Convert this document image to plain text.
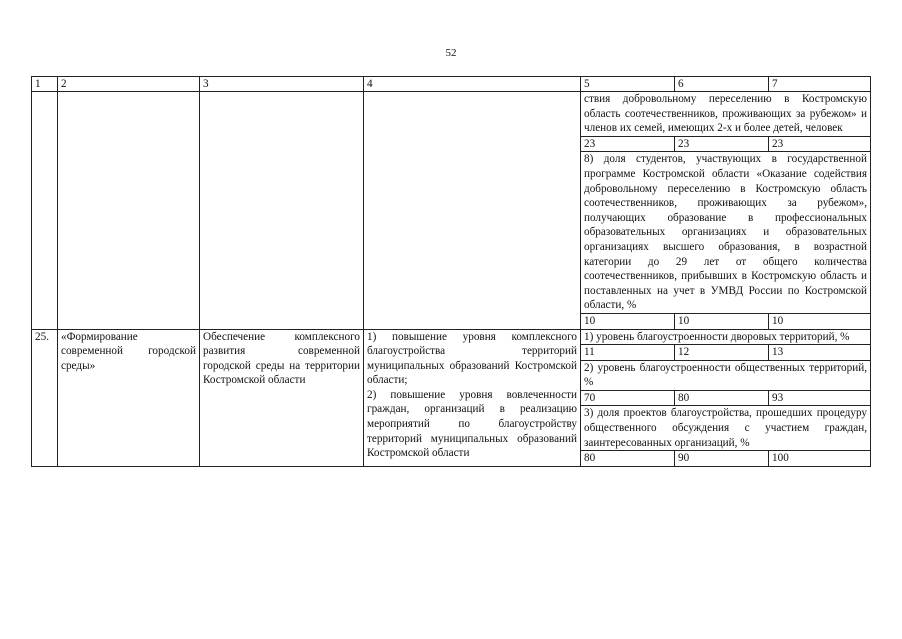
52
1	2	3	4	5	6	7
				ствия добровольному переселению в Костромскую область соотечественников, проживающих за рубежом» и членов их семей, имеющих 2-х и более детей, человек		
				23	23	23
				8) доля студентов, участвующих в государственной программе Костромской области «Оказание содействия добровольному переселению в Костромскую область соотечественников, проживающих за рубежом», получающих образование в профессиональных образовательных организациях и образовательных организациях высшего образования, в возрастной категории до 29 лет от общего количества соотечественников, прибывших в Костромскую область и поставленных на учет в УМВД России по Костромской области, %		
				10	10	10
25.	«Формирование современной городской среды»	Обеспечение комплексного развития современной городской среды на территории Костромской области	1) повышение уровня комплексного благоустройства территорий муниципальных образований Костромской области;
2) повышение уровня вовлеченности граждан, организаций в реализацию мероприятий по благоустройству территорий муниципальных образований Костромской области	1) уровень благоустроенности дворовых территорий, %		
				11	12	13
				2) уровень благоустроенности общественных территорий, %		
				70	80	93
				3) доля проектов благоустройства, прошедших процедуру общественного обсуждения с участием граждан, заинтересованных организаций, %		
				80	90	100
